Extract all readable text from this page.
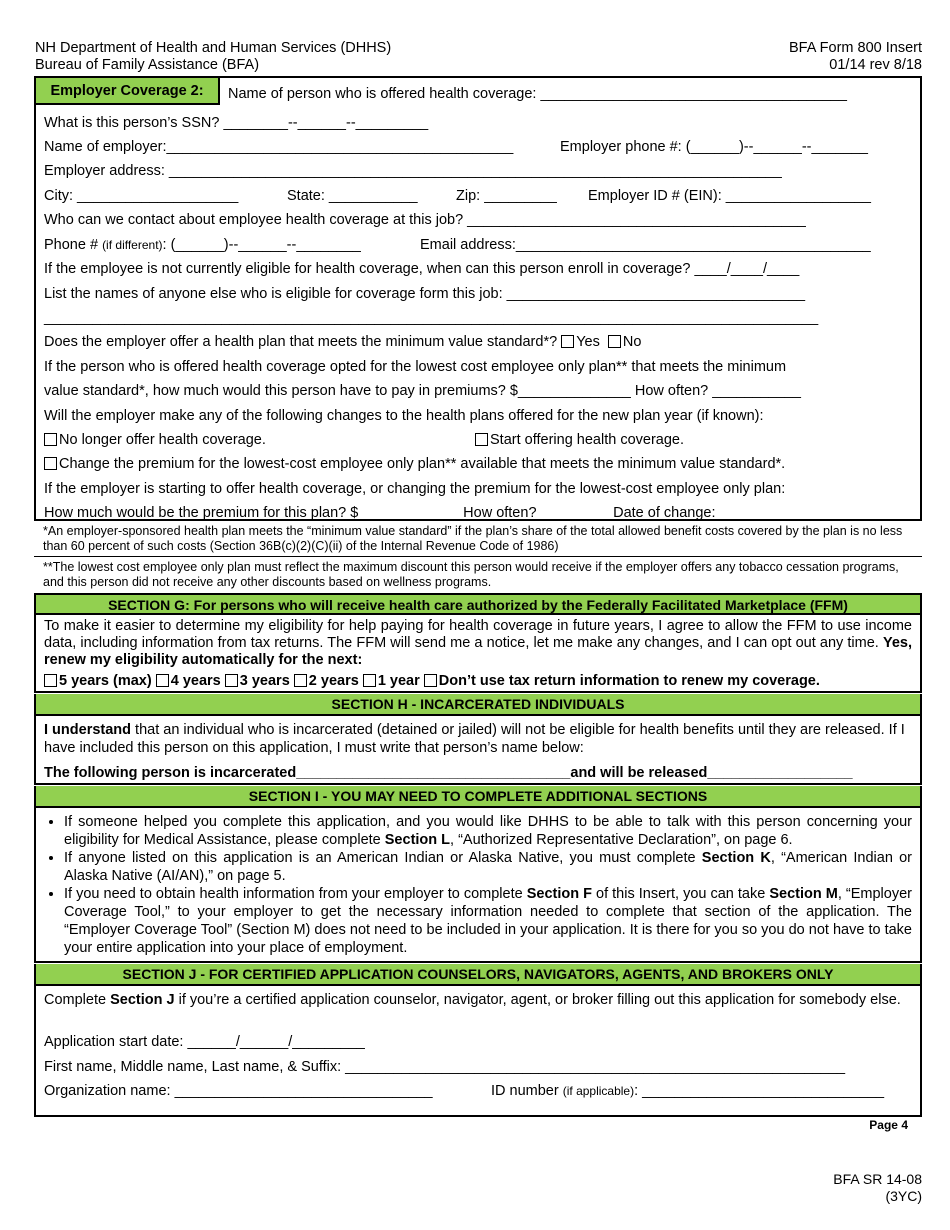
NH Department of Health and Human Services (DHHS)
Bureau of Family Assistance (BFA)
BFA Form 800 Insert
01/14 rev 8/18
Employer Coverage 2:	Name of person who is offered health coverage: ______________________________________
What is this person’s SSN? ________--______--_________
Name of employer:___________________________________________	Employer phone #: (______)--______--_______
Employer address: ____________________________________________________________________________
City: ____________________	State: ___________	Zip: _________ Employer ID # (EIN): __________________
Who can we contact about employee health coverage at this job? __________________________________________
Phone # (if different): (______)--______--________	Email address:____________________________________________
If the employee is not currently eligible for health coverage, when can this person enroll in coverage? ____/____/____
List the names of anyone else who is eligible for coverage form this job: _____________________________________
________________________________________________________________________________________________
Does the employer offer a health plan that meets the minimum value standard*? Yes No
If the person who is offered health coverage opted for the lowest cost employee only plan** that meets the minimum
value standard*, how much would this person have to pay in premiums? $______________ How often? ___________
Will the employer make any of the following changes to the health plans offered for the new plan year (if known):
No longer offer health coverage.	Start offering health coverage.
Change the premium for the lowest-cost employee only plan** available that meets the minimum value standard*.
If the employer is starting to offer health coverage, or changing the premium for the lowest-cost employee only plan:
How much would be the premium for this plan? $_____________How often? _________Date of change: __________
*An employer-sponsored health plan meets the “minimum value standard” if the plan’s share of the total allowed benefit costs covered by the plan is no less than 60 percent of such costs (Section 36B(c)(2)(C)(ii) of the Internal Revenue Code of 1986)
**The lowest cost employee only plan must reflect the maximum discount this person would receive if the employer offers any tobacco cessation programs, and this person did not receive any other discounts based on wellness programs.
SECTION G: For persons who will receive health care authorized by the Federally Facilitated Marketplace (FFM)
To make it easier to determine my eligibility for help paying for health coverage in future years, I agree to allow the FFM to use income data, including information from tax returns. The FFM will send me a notice, let me make any changes, and I can opt out any time. Yes, renew my eligibility automatically for the next:
5 years (max) 4 years 3 years 2 years 1 year Don’t use tax return information to renew my coverage.
SECTION H - INCARCERATED INDIVIDUALS
I understand that an individual who is incarcerated (detained or jailed) will not be eligible for health benefits until they are released. If I have included this person on this application, I must write that person’s name below:
The following person is incarcerated__________________________________and will be released__________________
SECTION I - YOU MAY NEED TO COMPLETE ADDITIONAL SECTIONS
• If someone helped you complete this application, and you would like DHHS to be able to talk with this person concerning your eligibility for Medical Assistance, please complete Section L, “Authorized Representative Declaration”, on page 6.
• If anyone listed on this application is an American Indian or Alaska Native, you must complete Section K, “American Indian or Alaska Native (AI/AN),” on page 5.
• If you need to obtain health information from your employer to complete Section F of this Insert, you can take Section M, “Employer Coverage Tool,” to your employer to get the necessary information needed to complete that section of the application. The “Employer Coverage Tool” (Section M) does not need to be included in your application. It is there for you so you do not have to take your entire application into your place of employment.
SECTION J - FOR CERTIFIED APPLICATION COUNSELORS, NAVIGATORS, AGENTS, AND BROKERS ONLY
Complete Section J if you’re a certified application counselor, navigator, agent, or broker filling out this application for somebody else.
Application start date: ______/______/_________
First name, Middle name, Last name, & Suffix: ______________________________________________________________
Organization name: ________________________________	ID number (if applicable): ______________________________
Page 4
BFA SR 14-08
(3YC)
